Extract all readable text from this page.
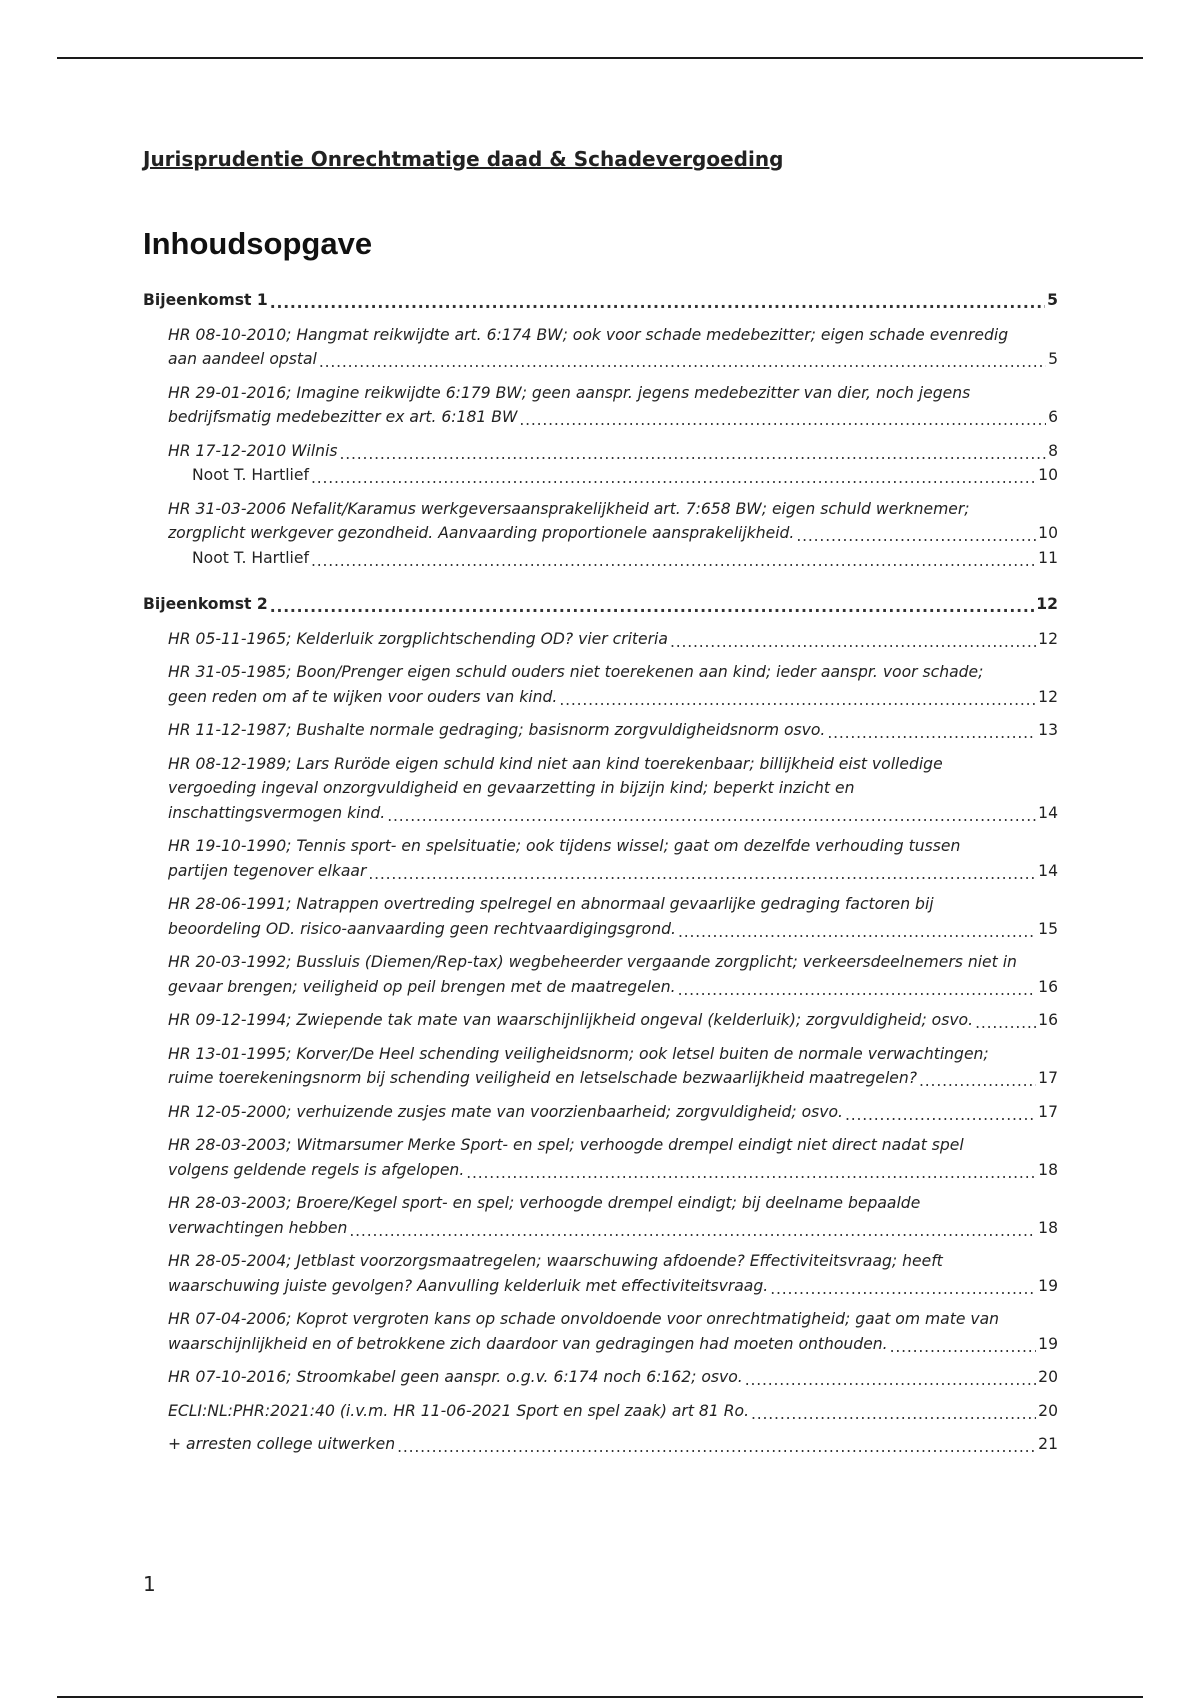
Jurisprudentie Onrechtmatige daad & Schadevergoeding
Inhoudsopgave
Bijeenkomst 1 .....	5
HR 08-10-2010; Hangmat reikwijdte art. 6:174 BW; ook voor schade medebezitter; eigen schade evenredig
aan aandeel opstal .....	5
HR 29-01-2016; Imagine reikwijdte 6:179 BW; geen aanspr. jegens medebezitter van dier, noch jegens
bedrijfsmatig medebezitter ex art. 6:181 BW .....	6
HR 17-12-2010 Wilnis .....	8
Noot T. Hartlief .....	10
HR 31-03-2006 Nefalit/Karamus werkgeversaansprakelijkheid art. 7:658 BW; eigen schuld werknemer;
zorgplicht werkgever gezondheid. Aanvaarding proportionele aansprakelijkheid. .....	10
Noot T. Hartlief .....	11
Bijeenkomst 2 .....	12
HR 05-11-1965; Kelderluik zorgplichtschending OD? vier criteria .....	12
HR 31-05-1985; Boon/Prenger eigen schuld ouders niet toerekenen aan kind; ieder aanspr. voor schade;
geen reden om af te wijken voor ouders van kind. .....	12
HR 11-12-1987; Bushalte normale gedraging; basisnorm zorgvuldigheidsnorm osvo. .....	13
HR 08-12-1989; Lars Ruröde eigen schuld kind niet aan kind toerekenbaar; billijkheid eist volledige
vergoeding ingeval onzorgvuldigheid en gevaarzetting in bijzijn kind; beperkt inzicht en
inschattingsvermogen kind. .....	14
HR 19-10-1990; Tennis sport- en spelsituatie; ook tijdens wissel; gaat om dezelfde verhouding tussen
partijen tegenover elkaar .....	14
HR 28-06-1991; Natrappen overtreding spelregel en abnormaal gevaarlijke gedraging factoren bij
beoordeling OD. risico-aanvaarding geen rechtvaardigingsgrond. .....	15
HR 20-03-1992; Bussluis (Diemen/Rep-tax) wegbeheerder vergaande zorgplicht; verkeersdeelnemers niet in
gevaar brengen; veiligheid op peil brengen met de maatregelen. .....	16
HR 09-12-1994; Zwiepende tak mate van waarschijnlijkheid ongeval (kelderluik); zorgvuldigheid; osvo. .....	16
HR 13-01-1995; Korver/De Heel schending veiligheidsnorm; ook letsel buiten de normale verwachtingen;
ruime toerekeningsnorm bij schending veiligheid en letselschade bezwaarlijkheid maatregelen? .....	17
HR 12-05-2000; verhuizende zusjes mate van voorzienbaarheid; zorgvuldigheid; osvo. .....	17
HR 28-03-2003; Witmarsumer Merke Sport- en spel; verhoogde drempel eindigt niet direct nadat spel
volgens geldende regels is afgelopen. .....	18
HR 28-03-2003; Broere/Kegel sport- en spel; verhoogde drempel eindigt; bij deelname bepaalde
verwachtingen hebben .....	18
HR 28-05-2004; Jetblast voorzorgsmaatregelen; waarschuwing afdoende? Effectiviteitsvraag; heeft
waarschuwing juiste gevolgen? Aanvulling kelderluik met effectiviteitsvraag. .....	19
HR 07-04-2006; Koprot vergroten kans op schade onvoldoende voor onrechtmatigheid; gaat om mate van
waarschijnlijkheid en of betrokkene zich daardoor van gedragingen had moeten onthouden. .....	19
HR 07-10-2016; Stroomkabel geen aanspr. o.g.v. 6:174 noch 6:162; osvo. .....	20
ECLI:NL:PHR:2021:40 (i.v.m. HR 11-06-2021 Sport en spel zaak) art 81 Ro. .....	20
+ arresten college uitwerken .....	21
1
